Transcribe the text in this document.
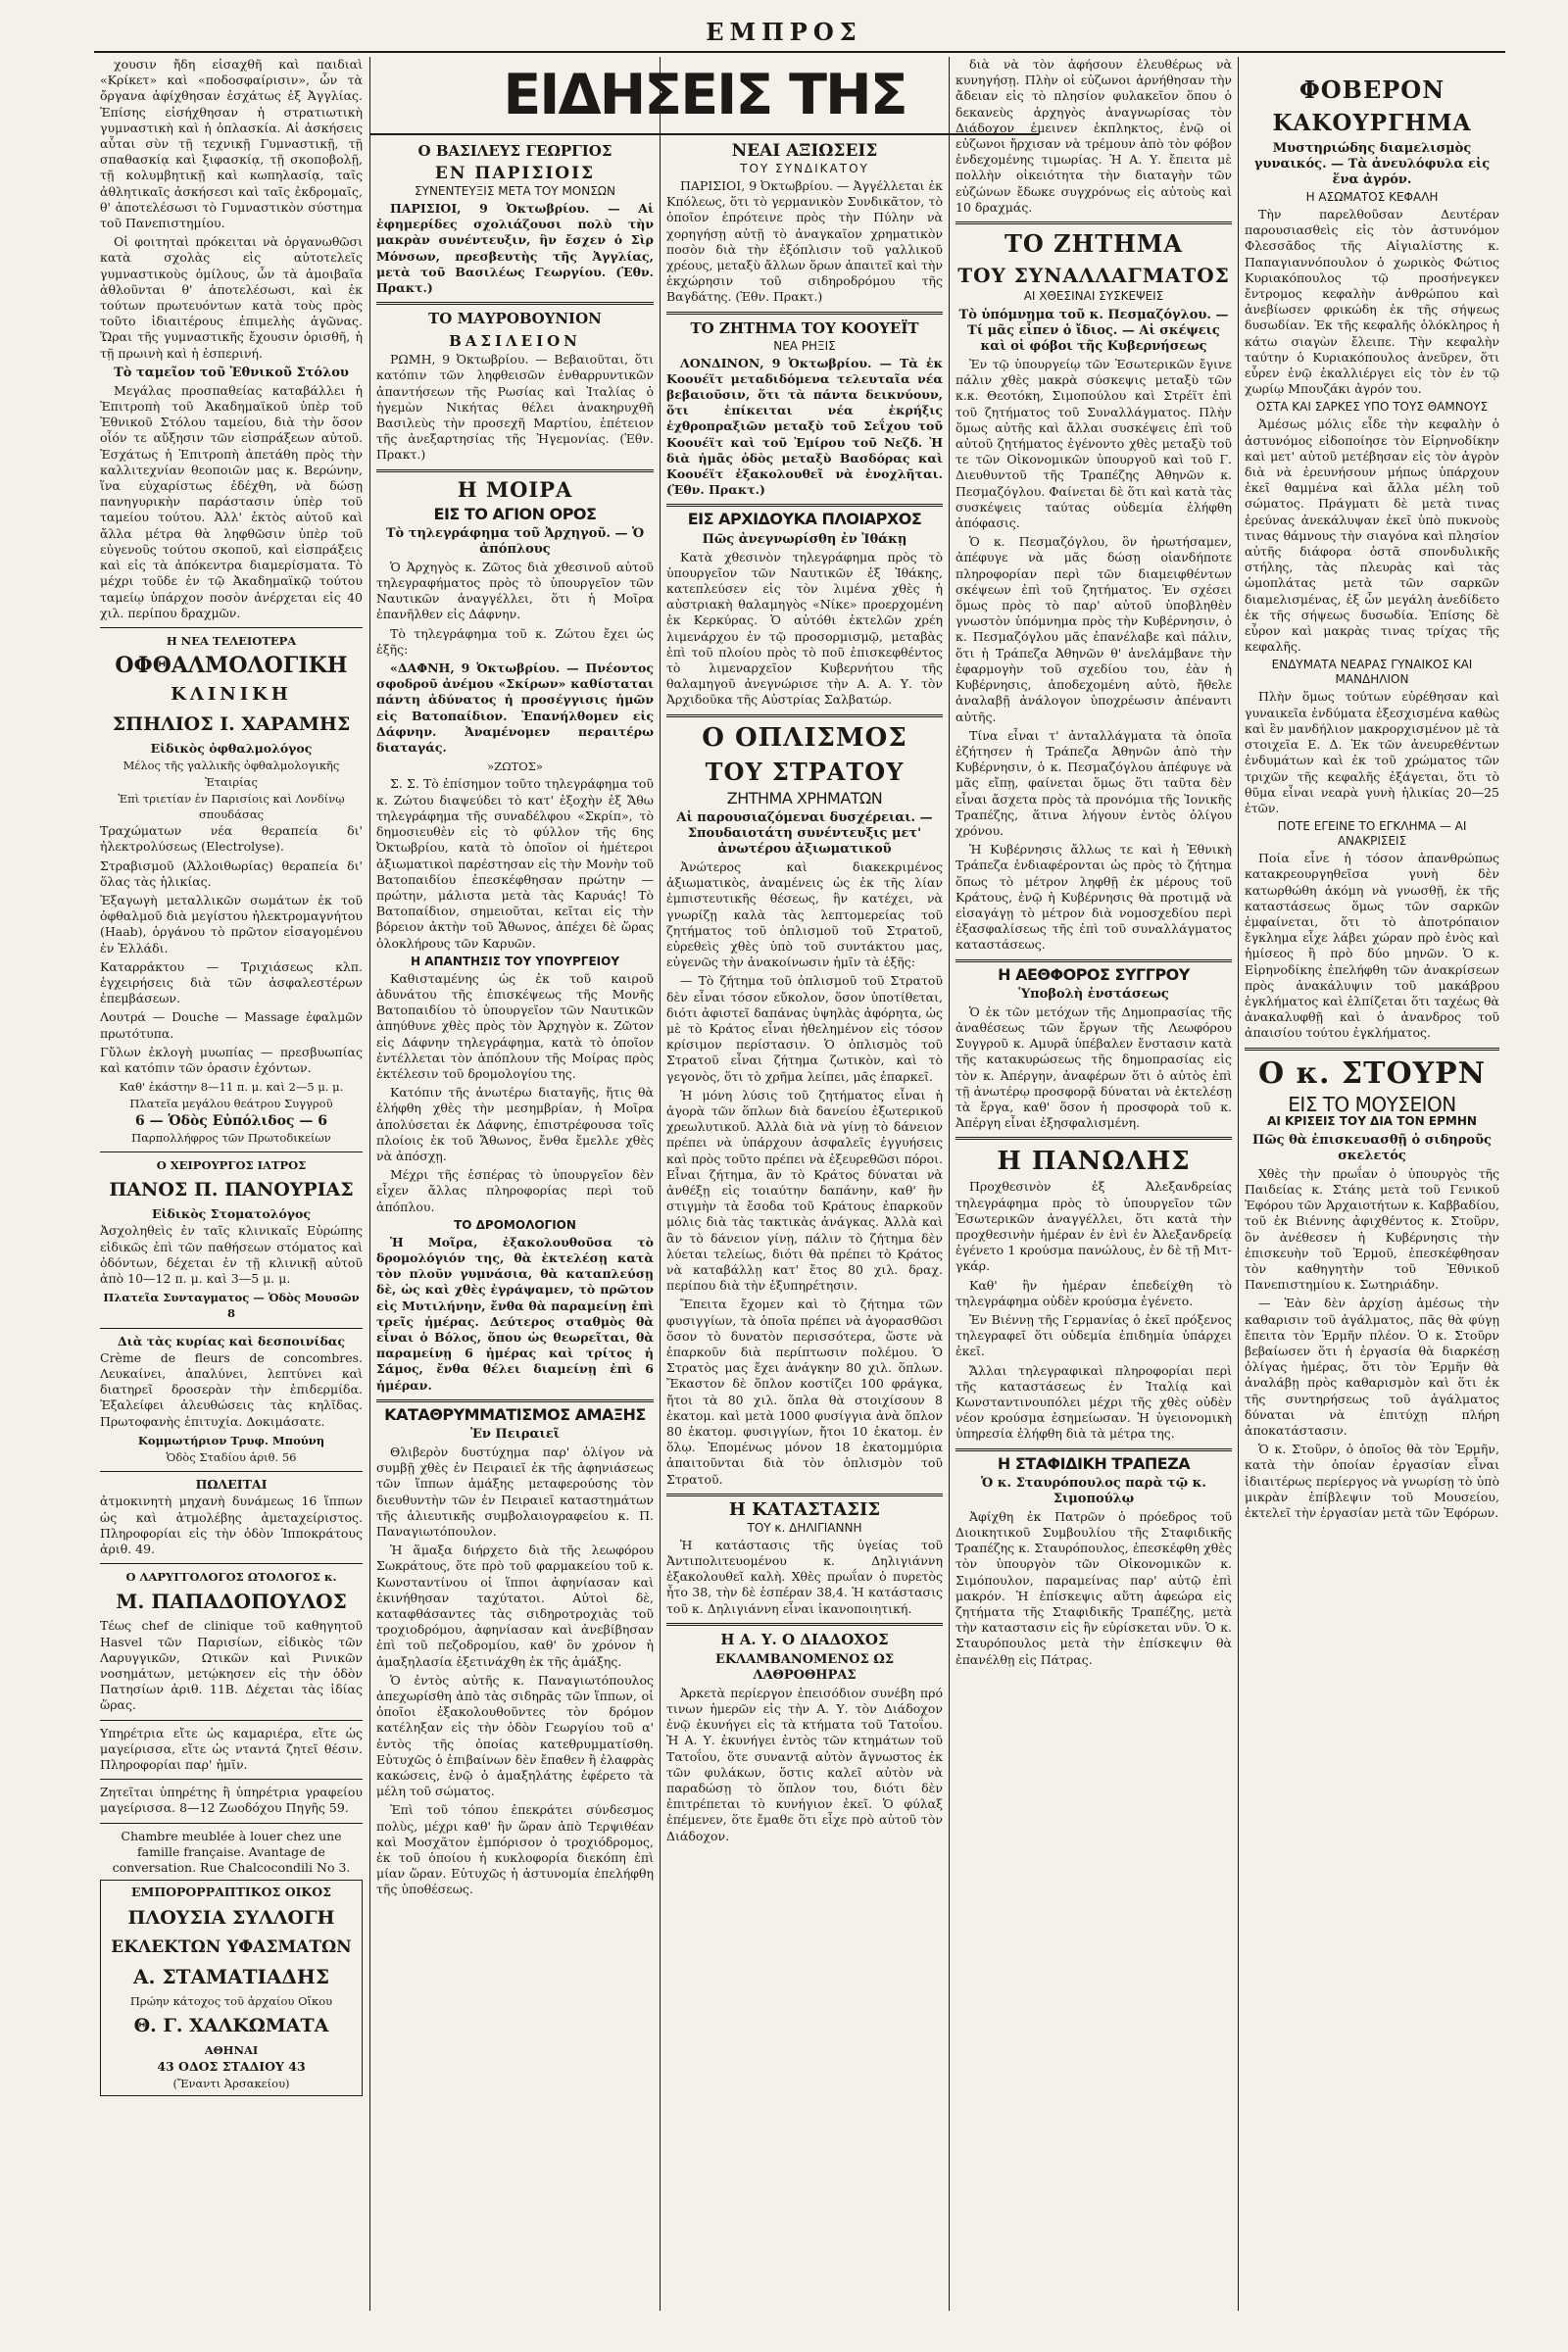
ΕΜΠΡΟΣ
ΕΙΔΗΣΕΙΣ ΤΗΣ

χουσιν ἤδη εἰσαχθῆ καὶ παιδιαὶ «Κρίκετ» καὶ «ποδοσφαίρισιν», ὧν τὰ ὄργανα ἀφίχθησαν ἐσχάτως ἐξ Ἀγγλίας. Ἐπίσης εἰσήχθησαν ἡ στρατιωτικὴ γυμναστικὴ καὶ ἡ ὁπλασκία. Αἱ ἀσκήσεις αὗται σὺν τῇ τεχνικῇ Γυμναστικῇ, τῇ σπαθασκίᾳ καὶ ξιφασκίᾳ, τῇ σκοποβολῇ, τῇ κολυμβητικῇ καὶ κωπηλασίᾳ, ταῖς ἀθλητικαῖς ἀσκήσεσι καὶ ταῖς ἐκδρομαῖς, θ' ἀποτελέσωσι τὸ Γυμναστικὸν σύστημα τοῦ Πανεπιστημίου.

Οἱ φοιτηταὶ πρόκειται νὰ ὀργανωθῶσι κατὰ σχολὰς εἰς αὐτοτελεῖς γυμναστικοὺς ὁμίλους, ὧν τὰ ἀμοιβαῖα ἀθλοῦνται θ' ἀποτελέσωσι, καὶ ἐκ τούτων πρωτευόντων κατὰ τοὺς πρὸς τοῦτο ἰδιαιτέρους ἐπιμελὴς ἀγῶνας. Ὥραι τῆς γυμναστικῆς ἔχουσιν ὁρισθῆ, ἡ τῇ πρωινὴ καὶ ἡ ἐσπερινή.

Τὸ ταμεῖον τοῦ Ἐθνικοῦ Στόλου

Μεγάλας προσπαθείας καταβάλλει ἡ Ἐπιτροπὴ τοῦ Ἀκαδημαϊκοῦ ὑπὲρ τοῦ Ἐθνικοῦ Στόλου ταμείου, διὰ τὴν ὅσον οἷόν τε αὔξησιν τῶν εἰσπράξεων αὐτοῦ. Ἐσχάτως ἡ Ἐπιτροπὴ ἀπετάθη πρὸς τὴν καλλιτεχνίαν θεοποιῶν μας κ. Βερώνην, ἵνα εὐχαρίστως ἐδέχθη, νὰ δώσῃ πανηγυρικὴν παράστασιν ὑπὲρ τοῦ ταμείου τούτου. Ἀλλ' ἐκτὸς αὐτοῦ καὶ ἄλλα μέτρα θὰ ληφθῶσιν ὑπὲρ τοῦ εὐγενοῦς τούτου σκοποῦ, καὶ εἰσπράξεις καὶ εἰς τὰ ἀπόκεντρα διαμερίσματα. Τὸ μέχρι τοῦδε ἐν τῷ Ἀκαδημαϊκῷ τούτου ταμείῳ ὑπάρχον ποσὸν ἀνέρχεται εἰς 40 χιλ. περίπου δραχμῶν.

Η ΝΕΑ ΤΕΛΕΙΟΤΕΡΑ
ΟΦΘΑΛΜΟΛΟΓΙΚΗ
ΚΛΙΝΙΚΗ
ΣΠΗΛΙΟΣ Ι. ΧΑΡΑΜΗΣ
Εἰδικὸς ὀφθαλμολόγος
Μέλος τῆς γαλλικῆς ὀφθαλμολογικῆς Ἑταιρίας
Ἐπὶ τριετίαν ἐν Παρισίοις καὶ Λονδίνῳ σπουδάσας

Τραχώματων νέα θεραπεία δι' ἠλεκτρολύσεως (Electrolyse).

Στραβισμοῦ (Ἀλλοιθωρίας) θεραπεία δι' ὅλας τὰς ἡλικίας.

Ἐξαγωγὴ μεταλλικῶν σωμάτων ἐκ τοῦ ὀφθαλμοῦ διὰ μεγίστου ἠλεκτρομαγνήτου (Haab), ὀργάνου τὸ πρῶτον εἰσαγομένου ἐν Ἑλλάδι.

Καταρράκτου — Τριχιάσεως κλπ. ἐγχειρήσεις διὰ τῶν ἀσφαλεστέρων ἐπεμβάσεων.

Λουτρά — Douche — Massage ἐφαλμῶν πρωτότυπα.

Γὔλων ἐκλογὴ μυωπίας — πρεσβυωπίας καὶ κατόπιν τῶν ὁρασιν ἐχόντων.

Καθ' ἑκάστην 8—11 π. μ. καὶ 2—5 μ. μ.
Πλατεῖα μεγάλου θεάτρου Συγγροῦ
6 — Ὁδὸς Εὐπόλιδος — 6
Παρπολλήφρος τῶν Πρωτοδικείων
Ο ΧΕΙΡΟΥΡΓΟΣ ΙΑΤΡΟΣ
ΠΑΝΟΣ Π. ΠΑΝΟΥΡΙΑΣ
Εἰδικὸς Στοματολόγος

Ἀσχοληθεὶς ἐν ταῖς κλινικαῖς Εὐρώπης εἰδικῶς ἐπὶ τῶν παθήσεων στόματος καὶ ὀδόντων, δέχεται ἐν τῇ κλινικῇ αὐτοῦ ἀπὸ 10—12 π. μ. καὶ 3—5 μ. μ.

Πλατεῖα Συνταγματος — Ὁδὸς Μουσῶν 8
Διὰ τὰς κυρίας καὶ δεσποινίδας

Crème de fleurs de concombres. Λευκαίνει, ἁπαλύνει, λεπτύνει καὶ διατηρεῖ δροσερὰν τὴν ἐπιδερμίδα. Ἐξαλείφει ἀλευθώσεις τὰς κηλῖδας. Πρωτοφανὴς ἐπιτυχία. Δοκιμάσατε.

Κομμωτήριον Τρυφ. Μπούνη
Ὁδὸς Σταδίου ἀριθ. 56
ΠΩΛΕΙΤΑΙ

ἀτμοκινητὴ μηχανὴ δυνάμεως 16 ἵππων ὡς καὶ ἀτμολέβης ἀμεταχείριστος. Πληροφορίαι εἰς τὴν ὁδὸν Ἱπποκράτους ἀριθ. 49.

Ο ΛΑΡΥΓΓΟΛΟΓΟΣ ΩΤΟΛΟΓΟΣ κ.
Μ. ΠΑΠΑΔΟΠΟΥΛΟΣ

Τέως chef de clinique τοῦ καθηγητοῦ Hasvel τῶν Παρισίων, εἰδικὸς τῶν Λαρυγγικῶν, Ωτικῶν καὶ Ρινικῶν νοσημάτων, μετῴκησεν εἰς τὴν ὁδὸν Πατησίων ἀριθ. 11Β. Δέχεται τὰς ἰδίας ὥρας.

Υπηρέτρια εἴτε ὡς καμαριέρα, εἴτε ὡς μαγείρισσα, εἴτε ὡς νταντά ζητεῖ θέσιν. Πληροφορίαι παρ' ἡμῖν.

Ζητεῖται ὑπηρέτης ἢ ὑπηρέτρια γραφείου μαγείρισσα. 8—12 Ζωοδόχου Πηγῆς 59.

Chambre meublée à louer chez une famille française. Avantage de conversation. Rue Chalcocondili No 3.

ΕΜΠΟΡΟΡΡΑΠΤΙΚΟΣ ΟΙΚΟΣ
ΠΛΟΥΣΙΑ ΣΥΛΛΟΓΗ
ΕΚΛΕΚΤΩΝ ΥΦΑΣΜΑΤΩΝ
Α. ΣΤΑΜΑΤΙΑΔΗΣ
Πρώην κάτοχος τοῦ ἀρχαίου Οἴκου
Θ. Γ. ΧΑΛΚΩΜΑΤΑ
ΑΘΗΝΑΙ
43 ΟΔΟΣ ΣΤΑΔΙΟΥ 43
(Ἔναντι Ἀρσακείου)
Ο ΒΑΣΙΛΕΥΣ ΓΕΩΡΓΙΟΣ
ΕΝ ΠΑΡΙΣΙΟΙΣ
ΣΥΝΕΝΤΕΥΞΙΣ ΜΕΤΑ ΤΟΥ ΜΟΝΣΩΝ

ΠΑΡΙΣΙΟΙ, 9 Ὀκτωβρίου. — Αἱ ἐφημερίδες σχολιάζουσι πολὺ τὴν μακρὰν συνέντευξιν, ἣν ἔσχεν ὁ Σὶρ Μόνσων, πρεσβευτὴς τῆς Ἀγγλίας, μετὰ τοῦ Βασιλέως Γεωργίου. (Ἐθν. Πρακτ.)

ΤΟ ΜΑΥΡΟΒΟΥΝΙΟΝ
ΒΑΣΙΛΕΙΟΝ

ΡΩΜΗ, 9 Ὀκτωβρίου. — Βεβαιοῦται, ὅτι κατόπιν τῶν ληφθεισῶν ἐνθαρρυντικῶν ἀπαντήσεων τῆς Ρωσίας καὶ Ἰταλίας ὁ ἡγεμὼν Νικήτας θέλει ἀνακηρυχθῆ Βασιλεὺς τὴν προσεχῆ Μαρτίου, ἐπέτειον τῆς ἀνεξαρτησίας τῆς Ἡγεμονίας. (Ἐθν. Πρακτ.)

Η ΜΟΙΡΑ
ΕΙΣ ΤΟ ΑΓΙΟΝ ΟΡΟΣ
Τὸ τηλεγράφημα τοῦ Ἀρχηγοῦ. — Ὁ ἀπόπλους

Ὁ Ἀρχηγὸς κ. Ζῶτος διὰ χθεσινοῦ αὐτοῦ τηλεγραφήματος πρὸς τὸ ὑπουργεῖον τῶν Ναυτικῶν ἀναγγέλλει, ὅτι ἡ Μοῖρα ἐπανῆλθεν εἰς Δάφνην.

Τὸ τηλεγράφημα τοῦ κ. Ζώτου ἔχει ὡς ἑξῆς:

«ΔΑΦΝΗ, 9 Ὀκτωβρίου. — Πνέοντος σφοδροῦ ἀνέμου «Σκίρων» καθίσταται πάντη ἀδύνατος ἡ προσέγγισις ἡμῶν εἰς Βατοπαίδιον. Ἐπανήλθομεν εἰς Δάφνην. Ἀναμένομεν περαιτέρω διαταγάς.

»ΖΩΤΟΣ»

Σ. Σ. Τὸ ἐπίσημον τοῦτο τηλεγράφημα τοῦ κ. Ζώτου διαψεύδει τὸ κατ' ἐξοχὴν ἐξ Ἄθω τηλεγράφημα τῆς συναδέλφου «Σκρίπ», τὸ δημοσιευθὲν εἰς τὸ φύλλον τῆς 6ης Ὀκτωβρίου, κατὰ τὸ ὁποῖον οἱ ἡμέτεροι ἀξιωματικοὶ παρέστησαν εἰς τὴν Μονὴν τοῦ Βατοπαιδίου ἐπεσκέφθησαν πρώτην — πρώτην, μάλιστα μετὰ τὰς Καρυάς! Τὸ Βατοπαίδιον, σημειοῦται, κεῖται εἰς τὴν βόρειον ἀκτὴν τοῦ Ἄθωνος, ἀπέχει δὲ ὥρας ὁλοκλήρους τῶν Καρυῶν.

Η ΑΠΑΝΤΗΣΙΣ ΤΟΥ ΥΠΟΥΡΓΕΙΟΥ

Καθισταμένης ὡς ἐκ τοῦ καιροῦ ἀδυνάτου τῆς ἐπισκέψεως τῆς Μονῆς Βατοπαιδίου τὸ ὑπουργεῖον τῶν Ναυτικῶν ἀπηύθυνε χθὲς πρὸς τὸν Ἀρχηγὸν κ. Ζῶτον εἰς Δάφνην τηλεγράφημα, κατὰ τὸ ὁποῖον ἐντέλλεται τὸν ἀπόπλουν τῆς Μοίρας πρὸς ἐκτέλεσιν τοῦ δρομολογίου της.

Κατόπιν τῆς ἀνωτέρω διαταγῆς, ἥτις θὰ ἐλήφθη χθὲς τὴν μεσημβρίαν, ἡ Μοῖρα ἀπολύσεται ἐκ Δάφνης, ἐπιστρέφουσα τοῖς πλοίοις ἐκ τοῦ Ἄθωνος, ἔνθα ἔμελλε χθὲς νὰ ἀπόσχῃ.

Μέχρι τῆς ἑσπέρας τὸ ὑπουργεῖον δὲν εἶχεν ἄλλας πληροφορίας περὶ τοῦ ἀπόπλου.

ΤΟ ΔΡΟΜΟΛΟΓΙΟΝ

Ἡ Μοῖρα, ἐξακολουθοῦσα τὸ δρομολόγιόν της, θὰ ἐκτελέσῃ κατὰ τὸν πλοῦν γυμνάσια, θὰ καταπλεύσῃ δὲ, ὡς καὶ χθὲς ἐγράψαμεν, τὸ πρῶτον εἰς Μυτιλήνην, ἔνθα θὰ παραμείνῃ ἐπὶ τρεῖς ἡμέρας. Δεύτερος σταθμὸς θὰ εἶναι ὁ Βόλος, ὅπου ὡς θεωρεῖται, θὰ παραμείνῃ 6 ἡμέρας καὶ τρίτος ἡ Σάμος, ἔνθα θέλει διαμείνῃ ἐπὶ 6 ἡμέραν.

ΚΑΤΑΘΡΥΜΜΑΤΙΣΜΟΣ ΑΜΑΞΗΣ
Ἐν Πειραιεῖ

Θλιβερὸν δυστύχημα παρ' ὀλίγον νὰ συμβῇ χθὲς ἐν Πειραιεῖ ἐκ τῆς ἀφηνιάσεως τῶν ἵππων ἁμάξης μεταφερούσης τὸν διευθυντὴν τῶν ἐν Πειραιεῖ καταστημάτων τῆς ἁλιευτικῆς συμβολαιογραφείου κ. Π. Παναγιωτόπουλον.

Ἡ ἅμαξα διήρχετο διὰ τῆς λεωφόρου Σωκράτους, ὅτε πρὸ τοῦ φαρμακείου τοῦ κ. Κωνσταντίνου οἱ ἵπποι ἀφηνίασαν καὶ ἐκινήθησαν ταχύτατοι. Αὐτοὶ δὲ, καταφθάσαντες τὰς σιδηροτροχιὰς τοῦ τροχιοδρόμου, ἀφηνίασαν καὶ ἀνεβίβησαν ἐπὶ τοῦ πεζοδρομίου, καθ' ὃν χρόνον ἡ ἁμαξηλασία ἐξετινάχθη ἐκ τῆς ἁμάξης.

Ὁ ἐντὸς αὐτῆς κ. Παναγιωτόπουλος ἀπεχωρίσθη ἀπὸ τὰς σιδηρᾶς τῶν ἵππων, οἱ ὁποῖοι ἐξακολουθοῦντες τὸν δρόμον κατέληξαν εἰς τὴν ὁδὸν Γεωργίου τοῦ α' ἐντὸς τῆς ὁποίας κατεθρυμματίσθη. Εὐτυχῶς ὁ ἐπιβαίνων δὲν ἔπαθεν ἢ ἐλαφρὰς κακώσεις, ἐνῷ ὁ ἁμαξηλάτης ἐφέρετο τὰ μέλη τοῦ σώματος.

Ἐπὶ τοῦ τόπου ἐπεκράτει σύνδεσμος πολὺς, μέχρι καθ' ἣν ὥραν ἀπὸ Τερψιθέαν καὶ Μοσχᾶτον ἐμπόρισον ὁ τροχιόδρομος, ἐκ τοῦ ὁποίου ἡ κυκλοφορία διεκόπη ἐπὶ μίαν ὥραν. Εὐτυχῶς ἡ ἀστυνομία ἐπελήφθη τῆς ὑποθέσεως.

ΝΕΑΙ ΑΞΙΩΣΕΙΣ
ΤΟΥ ΣΥΝΔΙΚΑΤΟΥ

ΠΑΡΙΣΙΟΙ, 9 Ὀκτωβρίου. — Ἀγγέλλεται ἐκ Κπόλεως, ὅτι τὸ γερμανικὸν Συνδικᾶτον, τὸ ὁποῖον ἐπρότεινε πρὸς τὴν Πύλην νὰ χορηγήσῃ αὐτῇ τὸ ἀναγκαῖον χρηματικὸν ποσὸν διὰ τὴν ἐξόπλισιν τοῦ γαλλικοῦ χρέους, μεταξὺ ἄλλων ὅρων ἀπαιτεῖ καὶ τὴν ἐκχώρησιν τοῦ σιδηροδρόμου τῆς Βαγδάτης. (Ἐθν. Πρακτ.)

ΤΟ ΖΗΤΗΜΑ ΤΟΥ ΚΟΟΥΕΪΤ
ΝΕΑ ΡΗΞΙΣ

ΛΟΝΔΙΝΟΝ, 9 Ὀκτωβρίου. — Τὰ ἐκ Κοουέϊτ μεταδιδόμενα τελευταῖα νέα βεβαιοῦσιν, ὅτι τὰ πάντα δεικνύουν, ὅτι ἐπίκειται νέα ἐκρήξις ἐχθροπραξιῶν μεταξὺ τοῦ Σεΐχου τοῦ Κοουέϊτ καὶ τοῦ Ἐμίρου τοῦ Νεζδ. Ἡ διὰ ἡμᾶς ὁδὸς μεταξὺ Βασδόρας καὶ Κοουέϊτ ἐξακολουθεῖ νὰ ἐνοχλῆται. (Ἐθν. Πρακτ.)

ΕΙΣ ΑΡΧΙΔΟΥΚΑ ΠΛΟΙΑΡΧΟΣ
Πῶς ἀνεγνωρίσθη ἐν Ἰθάκῃ

Κατὰ χθεσινὸν τηλεγράφημα πρὸς τὸ ὑπουργεῖον τῶν Ναυτικῶν ἐξ Ἰθάκης, κατεπλεύσεν εἰς τὸν λιμένα χθὲς ἡ αὐστριακὴ θαλαμηγὸς «Νίκε» προερχομένη ἐκ Κερκύρας. Ὁ αὐτόθι ἐκτελῶν χρέη λιμενάρχου ἐν τῷ προσορμισμῷ, μεταβὰς ἐπὶ τοῦ πλοίου πρὸς τὸ ποῦ ἐπισκεφθέντος τὸ λιμεναρχεῖον Κυβερνήτου τῆς θαλαμηγοῦ ἀνεγνώρισε τὴν Α. Α. Υ. τὸν Ἀρχιδοῦκα τῆς Αὐστρίας Σαλβατώρ.

Ο ΟΠΛΙΣΜΟΣ
ΤΟΥ ΣΤΡΑΤΟΥ
ΖΗΤΗΜΑ ΧΡΗΜΑΤΩΝ
Αἱ παρουσιαζόμεναι δυσχέρειαι. — Σπουδαιοτάτη συνέντευξις μετ' ἀνωτέρου ἀξιωματικοῦ

Ἀνώτερος καὶ διακεκριμένος ἀξιωματικὸς, ἀναμένεις ὡς ἐκ τῆς λίαν ἐμπιστευτικῆς θέσεως, ἣν κατέχει, νὰ γνωρίζῃ καλὰ τὰς λεπτομερείας τοῦ ζητήματος τοῦ ὁπλισμοῦ τοῦ Στρατοῦ, εὑρεθεὶς χθὲς ὑπὸ τοῦ συντάκτου μας, εὐγενῶς τὴν ἀνακοίνωσιν ἡμῖν τὰ ἑξῆς:

— Τὸ ζήτημα τοῦ ὁπλισμοῦ τοῦ Στρατοῦ δὲν εἶναι τόσον εὔκολον, ὅσον ὑποτίθεται, διότι ἀφιστεῖ δαπάνας ὑψηλὰς ἀφόρητα, ὡς μὲ τὸ Κράτος εἶναι ἠθελημένον εἰς τόσον κρίσιμον περίστασιν. Ὁ ὁπλισμὸς τοῦ Στρατοῦ εἶναι ζήτημα ζωτικὸν, καὶ τὸ γεγονὸς, ὅτι τὸ χρῆμα λείπει, μᾶς ἐπαρκεῖ.

Ἡ μόνη λύσις τοῦ ζητήματος εἶναι ἡ ἀγορὰ τῶν ὅπλων διὰ δανείου ἐξωτερικοῦ χρεωλυτικοῦ. Ἀλλὰ διὰ νὰ γίνῃ τὸ δάνειον πρέπει νὰ ὑπάρχουν ἀσφαλεῖς ἐγγυήσεις καὶ πρὸς τοῦτο πρέπει νὰ ἐξευρεθῶσι πόροι. Εἶναι ζήτημα, ἂν τὸ Κράτος δύναται νὰ ἀνθέξῃ εἰς τοιαύτην δαπάνην, καθ' ἣν στιγμὴν τὰ ἔσοδα τοῦ Κράτους ἐπαρκοῦν μόλις διὰ τὰς τακτικὰς ἀνάγκας. Ἀλλὰ καὶ ἂν τὸ δάνειον γίνῃ, πάλιν τὸ ζήτημα δὲν λύεται τελείως, διότι θὰ πρέπει τὸ Κράτος νὰ καταβάλλῃ κατ' ἔτος 80 χιλ. δραχ. περίπου διὰ τὴν ἐξυπηρέτησιν.

Ἔπειτα ἔχομεν καὶ τὸ ζήτημα τῶν φυσιγγίων, τὰ ὁποῖα πρέπει νὰ ἀγορασθῶσι ὅσον τὸ δυνατὸν περισσότερα, ὥστε νὰ ἐπαρκοῦν διὰ περίπτωσιν πολέμου. Ὁ Στρατὸς μας ἔχει ἀνάγκην 80 χιλ. ὅπλων. Ἔκαστον δὲ ὅπλον κοστίζει 100 φράγκα, ἤτοι τὰ 80 χιλ. ὅπλα θὰ στοιχίσουν 8 ἑκατομ. καὶ μετὰ 1000 φυσίγγια ἀνὰ ὅπλον 80 ἑκατομ. φυσιγγίων, ἤτοι 10 ἑκατομ. ἐν ὅλῳ. Ἐπομένως μόνον 18 ἑκατομμύρια ἀπαιτοῦνται διὰ τὸν ὁπλισμὸν τοῦ Στρατοῦ.

Η ΚΑΤΑΣΤΑΣΙΣ
ΤΟΥ κ. ΔΗΛΙΓΙΑΝΝΗ

Ἡ κατάστασις τῆς ὑγείας τοῦ Ἀντιπολιτευομένου κ. Δηλιγιάννη ἐξακολουθεῖ καλὴ. Χθὲς πρωΐαν ὁ πυρετὸς ἦτο 38, τὴν δὲ ἑσπέραν 38,4. Ἡ κατάστασις τοῦ κ. Δηλιγιάννη εἶναι ἱκανοποιητική.

Η Α. Υ. Ο ΔΙΑΔΟΧΟΣ
ΕΚΛΑΜΒΑΝΟΜΕΝΟΣ ΩΣ ΛΑΘΡΟΘΗΡΑΣ

Ἀρκετὰ περίεργον ἐπεισόδιον συνέβη πρό τινων ἡμερῶν εἰς τὴν Α. Υ. τὸν Διάδοχον ἐνῷ ἐκυνήγει εἰς τὰ κτήματα τοῦ Τατοΐου. Ἡ Α. Υ. ἐκυνήγει ἐντὸς τῶν κτημάτων τοῦ Τατοΐου, ὅτε συναντᾷ αὐτὸν ἄγνωστος ἐκ τῶν φυλάκων, ὅστις καλεῖ αὐτὸν νὰ παραδώσῃ τὸ ὅπλον του, διότι δὲν ἐπιτρέπεται τὸ κυνήγιον ἐκεῖ. Ὁ φύλαξ ἐπέμενεν, ὅτε ἔμαθε ὅτι εἶχε πρὸ αὐτοῦ τὸν Διάδοχον.

διὰ νὰ τὸν ἀφήσουν ἐλευθέρως νὰ κυνηγήσῃ. Πλὴν οἱ εὐζωνοι ἀρνήθησαν τὴν ἄδειαν εἰς τὸ πλησίον φυλακεῖον ὅπου ὁ δεκανεὺς ἀρχηγὸς ἀναγνωρίσας τὸν Διάδοχον ἐμεινεν ἐκπληκτος, ἐνῷ οἱ εὐζωνοι ἤρχισαν νὰ τρέμουν ἀπὸ τὸν φόβον ἐνδεχομένης τιμωρίας. Ἡ Α. Υ. ἔπειτα μὲ πολλὴν οἰκειότητα τὴν διαταγὴν τῶν εὐζώνων ἔδωκε συγχρόνως εἰς αὐτοὺς καὶ 10 δραχμάς.

ΤΟ ΖΗΤΗΜΑ
ΤΟΥ ΣΥΝΑΛΛΑΓΜΑΤΟΣ
ΑΙ ΧΘΕΣΙΝΑΙ ΣΥΣΚΕΨΕΙΣ
Τὸ ὑπόμνημα τοῦ κ. Πεσμαζόγλου. — Τί μᾶς εἶπεν ὁ ἴδιος. — Αἱ σκέψεις καὶ οἱ φόβοι τῆς Κυβερνήσεως

Ἐν τῷ ὑπουργείῳ τῶν Ἐσωτερικῶν ἔγινε πάλιν χθὲς μακρὰ σύσκεψις μεταξὺ τῶν κ.κ. Θεοτόκη, Σιμοπούλου καὶ Στρέϊτ ἐπὶ τοῦ ζητήματος τοῦ Συναλλάγματος. Πλὴν ὅμως αὐτῆς καὶ ἄλλαι συσκέψεις ἐπὶ τοῦ αὐτοῦ ζητήματος ἐγένοντο χθὲς μεταξὺ τοῦ τε τῶν Οἰκονομικῶν ὑπουργοῦ καὶ τοῦ Γ. Διευθυντοῦ τῆς Τραπέζης Ἀθηνῶν κ. Πεσμαζόγλου. Φαίνεται δὲ ὅτι καὶ κατὰ τὰς συσκέψεις ταύτας οὐδεμία ἐλήφθη ἀπόφασις.

Ὁ κ. Πεσμαζόγλου, ὃν ἠρωτήσαμεν, ἀπέφυγε νὰ μᾶς δώσῃ οἱανδήποτε πληροφορίαν περὶ τῶν διαμειφθέντων σκέψεων ἐπὶ τοῦ ζητήματος. Ἐν σχέσει ὅμως πρὸς τὸ παρ' αὐτοῦ ὑποβληθὲν γνωστὸν ὑπόμνημα πρὸς τὴν Κυβέρνησιν, ὁ κ. Πεσμαζόγλου μᾶς ἐπανέλαβε καὶ πάλιν, ὅτι ἡ Τράπεζα Ἀθηνῶν θ' ἀνελάμβανε τὴν ἐφαρμογὴν τοῦ σχεδίου του, ἐὰν ἡ Κυβέρνησις, ἀποδεχομένη αὐτὸ, ἤθελε ἀναλαβῇ ἀνάλογον ὑποχρέωσιν ἀπέναντι αὐτῆς.

Τίνα εἶναι τ' ἀνταλλάγματα τὰ ὁποῖα ἐζήτησεν ἡ Τράπεζα Ἀθηνῶν ἀπὸ τὴν Κυβέρνησιν, ὁ κ. Πεσμαζόγλου ἀπέφυγε νὰ μᾶς εἴπῃ, φαίνεται ὅμως ὅτι ταῦτα δὲν εἶναι ἄσχετα πρὸς τὰ προνόμια τῆς Ἰονικῆς Τραπέζης, ἅτινα λήγουν ἐντὸς ὀλίγου χρόνου.

Ἡ Κυβέρνησις ἄλλως τε καὶ ἡ Ἐθνικὴ Τράπεζα ἐνδιαφέρονται ὡς πρὸς τὸ ζήτημα ὅπως τὸ μέτρον ληφθῇ ἐκ μέρους τοῦ Κράτους, ἐνῷ ἡ Κυβέρνησις θὰ προτιμᾷ νὰ εἰσαγάγῃ τὸ μέτρον διὰ νομοσχεδίου περὶ ἐξασφαλίσεως τῆς ἐπὶ τοῦ συναλλάγματος καταστάσεως.

Η ΑΕΘΦΟΡΟΣ ΣΥΓΓΡΟΥ
Ὑποβολὴ ἐνστάσεως

Ὁ ἐκ τῶν μετόχων τῆς Δημοπρασίας τῆς ἀναθέσεως τῶν ἔργων τῆς Λεωφόρου Συγγροῦ κ. Αμυρᾶ ὑπέβαλεν ἔνστασιν κατὰ τῆς κατακυρώσεως τῆς δημοπρασίας εἰς τὸν κ. Ἀπέργην, ἀναφέρων ὅτι ὁ αὐτὸς ἐπὶ τῇ ἀνωτέρῳ προσφορᾷ δύναται νὰ ἐκτελέσῃ τὰ ἔργα, καθ' ὅσον ἡ προσφορὰ τοῦ κ. Ἀπέργη εἶναι ἐξησφαλισμένη.

Η ΠΑΝΩΛΗΣ

Προχθεσινὸν ἐξ Ἀλεξανδρείας τηλεγράφημα πρὸς τὸ ὑπουργεῖον τῶν Ἐσωτερικῶν ἀναγγέλλει, ὅτι κατὰ τὴν προχθεσινὴν ἡμέραν ἐν ἑνὶ ἐν Ἀλεξανδρείᾳ ἐγένετο 1 κρούσμα πανώλους, ἐν δὲ τῇ Μιτ-γκάρ.

Καθ' ἣν ἡμέραν ἐπεδείχθη τὸ τηλεγράφημα οὐδὲν κρούσμα ἐγένετο.

Ἐν Βιέννῃ τῆς Γερμανίας ὁ ἐκεῖ πρόξενος τηλεγραφεῖ ὅτι οὐδεμία ἐπιδημία ὑπάρχει ἐκεῖ.

Ἄλλαι τηλεγραφικαὶ πληροφορίαι περὶ τῆς καταστάσεως ἐν Ἰταλίᾳ καὶ Κωνσταντινουπόλει μέχρι τῆς χθὲς οὐδὲν νέον κρούσμα ἐσημείωσαν. Ἡ ὑγειονομικὴ ὑπηρεσία ἐλήφθη διὰ τὰ μέτρα της.

Η ΣΤΑΦΙΔΙΚΗ ΤΡΑΠΕΖΑ
Ὁ κ. Σταυρόπουλος παρὰ τῷ κ. Σιμοπούλῳ

Ἀφίχθη ἐκ Πατρῶν ὁ πρόεδρος τοῦ Διοικητικοῦ Συμβουλίου τῆς Σταφιδικῆς Τραπέζης κ. Σταυρόπουλος, ἐπεσκέφθη χθὲς τὸν ὑπουργὸν τῶν Οἰκονομικῶν κ. Σιμόπουλον, παραμείνας παρ' αὐτῷ ἐπὶ μακρόν. Ἡ ἐπίσκεψις αὕτη ἀφεώρα εἰς ζητήματα τῆς Σταφιδικῆς Τραπέζης, μετὰ τὴν καταστασιν εἰς ἣν εὑρίσκεται νῦν. Ὁ κ. Σταυρόπουλος μετὰ τὴν ἐπίσκεψιν θὰ ἐπανέλθῃ εἰς Πάτρας.

ΦΟΒΕΡΟΝ
ΚΑΚΟΥΡΓΗΜΑ
Μυστηριώδης διαμελισμὸς γυναικός. — Τὰ ἀνευλόφυλα εἰς ἕνα ἀγρόν.
Η ΑΣΩΜΑΤΟΣ ΚΕΦΑΛΗ

Τὴν παρελθοῦσαν Δευτέραν παρουσιασθεὶς εἰς τὸν ἀστυνόμον Φλεσσᾶδος τῆς Αἰγιαλίστης κ. Παπαγιαννόπουλον ὁ χωρικὸς Φώτιος Κυριακόπουλος τῷ προσήνεγκεν ἔντρομος κεφαλὴν ἀνθρώπου καὶ ἀνεβίωσεν φρικώδη ἐκ τῆς σήψεως δυσωδίαν. Ἐκ τῆς κεφαλῆς ὁλόκληρος ἡ κάτω σιαγὼν ἔλειπε. Τὴν κεφαλὴν ταύτην ὁ Κυριακόπουλος ἀνεῦρεν, ὅτι εὗρεν ἐνῷ ἐκαλλιέργει εἰς τὸν ἐν τῷ χωρίῳ Μπουζάκι ἀγρόν του.

ΟΣΤΑ ΚΑΙ ΣΑΡΚΕΣ ΥΠΟ ΤΟΥΣ ΘΑΜΝΟΥΣ

Ἀμέσως μόλις εἶδε τὴν κεφαλὴν ὁ ἀστυνόμος εἰδοποίησε τὸν Εἰρηνοδίκην καὶ μετ' αὐτοῦ μετέβησαν εἰς τὸν ἀγρὸν διὰ νὰ ἐρευνήσουν μήπως ὑπάρχουν ἐκεῖ θαμμένα καὶ ἄλλα μέλη τοῦ σώματος. Πράγματι δὲ μετὰ τινας ἐρεύνας ἀνεκάλυψαν ἐκεῖ ὑπὸ πυκνοὺς τινας θάμνους τὴν σιαγόνα καὶ πλησίον αὐτῆς διάφορα ὀστᾶ σπονδυλικῆς στήλης, τὰς πλευρὰς καὶ τὰς ὠμοπλάτας μετὰ τῶν σαρκῶν διαμελισμένας, ἐξ ὧν μεγάλη ἀνεδίδετο ἐκ τῆς σήψεως δυσωδία. Ἐπίσης δὲ εὗρον καὶ μακρὰς τινας τρίχας τῆς κεφαλῆς.

ΕΝΔΥΜΑΤΑ ΝΕΑΡΑΣ ΓΥΝΑΙΚΟΣ ΚΑΙ ΜΑΝΔΗΛΙΟΝ

Πλὴν ὅμως τούτων εὑρέθησαν καὶ γυναικεῖα ἐνδύματα ἐξεσχισμένα καθὼς καὶ ἓν μανδήλιον μακρορχισμένον μὲ τὰ στοιχεῖα Ε. Δ. Ἐκ τῶν ἀνευρεθέντων ἐνδυμάτων καὶ ἐκ τοῦ χρώματος τῶν τριχῶν τῆς κεφαλῆς ἐξάγεται, ὅτι τὸ θῦμα εἶναι νεαρὰ γυνὴ ἡλικίας 20—25 ἐτῶν.

ΠΟΤΕ ΕΓΕΙΝΕ ΤΟ ΕΓΚΛΗΜΑ — ΑΙ ΑΝΑΚΡΙΣΕΙΣ

Ποία εἶνε ἡ τόσον ἀπανθρώπως κατακρεουργηθεῖσα γυνὴ δὲν κατωρθώθη ἀκόμη νὰ γνωσθῇ, ἐκ τῆς καταστάσεως ὅμως τῶν σαρκῶν ἐμφαίνεται, ὅτι τὸ ἀποτρόπαιον ἔγκλημα εἶχε λάβει χώραν πρὸ ἑνὸς καὶ ἡμίσεος ἢ πρὸ δύο μηνῶν. Ὁ κ. Εἰρηνοδίκης ἐπελήφθη τῶν ἀνακρίσεων πρὸς ἀνακάλυψιν τοῦ μακάβρου ἐγκλήματος καὶ ἐλπίζεται ὅτι ταχέως θὰ ἀνακαλυφθῇ καὶ ὁ ἀνανδρος τοῦ ἀπαισίου τούτου ἐγκλήματος.

Ο κ. ΣΤΟΥΡΝ
ΕΙΣ ΤΟ ΜΟΥΣΕΙΟΝ
ΑΙ ΚΡΙΣΕΙΣ ΤΟΥ ΔΙΑ ΤΟΝ ΕΡΜΗΝ
Πῶς θὰ ἐπισκευασθῇ ὁ σιδηροῦς σκελετός

Χθὲς τὴν πρωΐαν ὁ ὑπουργὸς τῆς Παιδείας κ. Στάης μετὰ τοῦ Γενικοῦ Ἐφόρου τῶν Ἀρχαιοτήτων κ. Καββαδίου, τοῦ ἐκ Βιέννης ἀφιχθέντος κ. Στοῦρν, ὃν ἀνέθεσεν ἡ Κυβέρνησις τὴν ἐπισκευὴν τοῦ Ἑρμοῦ, ἐπεσκέφθησαν τὸν καθηγητὴν τοῦ Ἐθνικοῦ Πανεπιστημίου κ. Σωτηριάδην.

— Ἐὰν δὲν ἀρχίσῃ ἀμέσως τὴν καθαρισιν τοῦ ἀγάλματος, πᾶς θὰ φύγῃ ἔπειτα τὸν Ἑρμῆν πλέον. Ὁ κ. Στοῦρν βεβαίωσεν ὅτι ἡ ἐργασία θὰ διαρκέσῃ ὀλίγας ἡμέρας, ὅτι τὸν Ἑρμῆν θὰ ἀναλάβῃ πρὸς καθαρισμὸν καὶ ὅτι ἐκ τῆς συντηρήσεως τοῦ ἀγάλματος δύναται νὰ ἐπιτύχῃ πλήρη ἀποκατάστασιν.

Ὁ κ. Στοῦρν, ὁ ὁποῖος θὰ τὸν Ἑρμῆν, κατὰ τὴν ὁποίαν ἐργασίαν εἶναι ἰδιαιτέρως περίεργος νὰ γνωρίσῃ τὸ ὑπὸ μικρὰν ἐπίβλεψιν τοῦ Μουσείου, ἐκτελεῖ τὴν ἐργασίαν μετὰ τῶν Ἐφόρων.
